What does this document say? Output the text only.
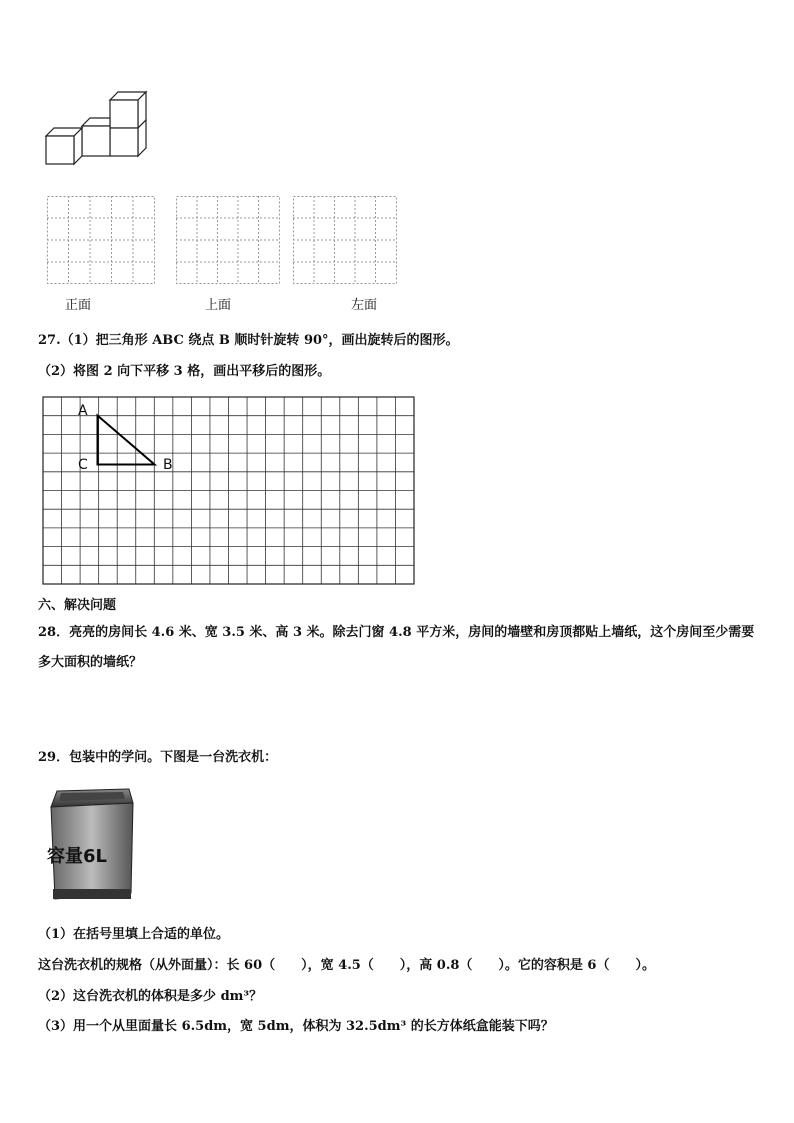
正面	上面	左面
27.（1）把三角形 ABC 绕点 B 顺时针旋转 90°，画出旋转后的图形。
（2）将图 2 向下平移 3 格，画出平移后的图形。
A
C	B
六、解决问题
28．亮亮的房间长 4.6 米、宽 3.5 米、高 3 米。除去门窗 4.8 平方米，房间的墙壁和房顶都贴上墙纸，这个房间至少需要多大面积的墙纸？
29．包装中的学问。下图是一台洗衣机：
容量6L
（1）在括号里填上合适的单位。
这台洗衣机的规格（从外面量）：长 60（　　），宽 4.5（　　），高 0.8（　　）。它的容积是 6（　　）。
（2）这台洗衣机的体积是多少 dm³？
（3）用一个从里面量长 6.5dm，宽 5dm，体积为 32.5dm³ 的长方体纸盒能装下吗？
